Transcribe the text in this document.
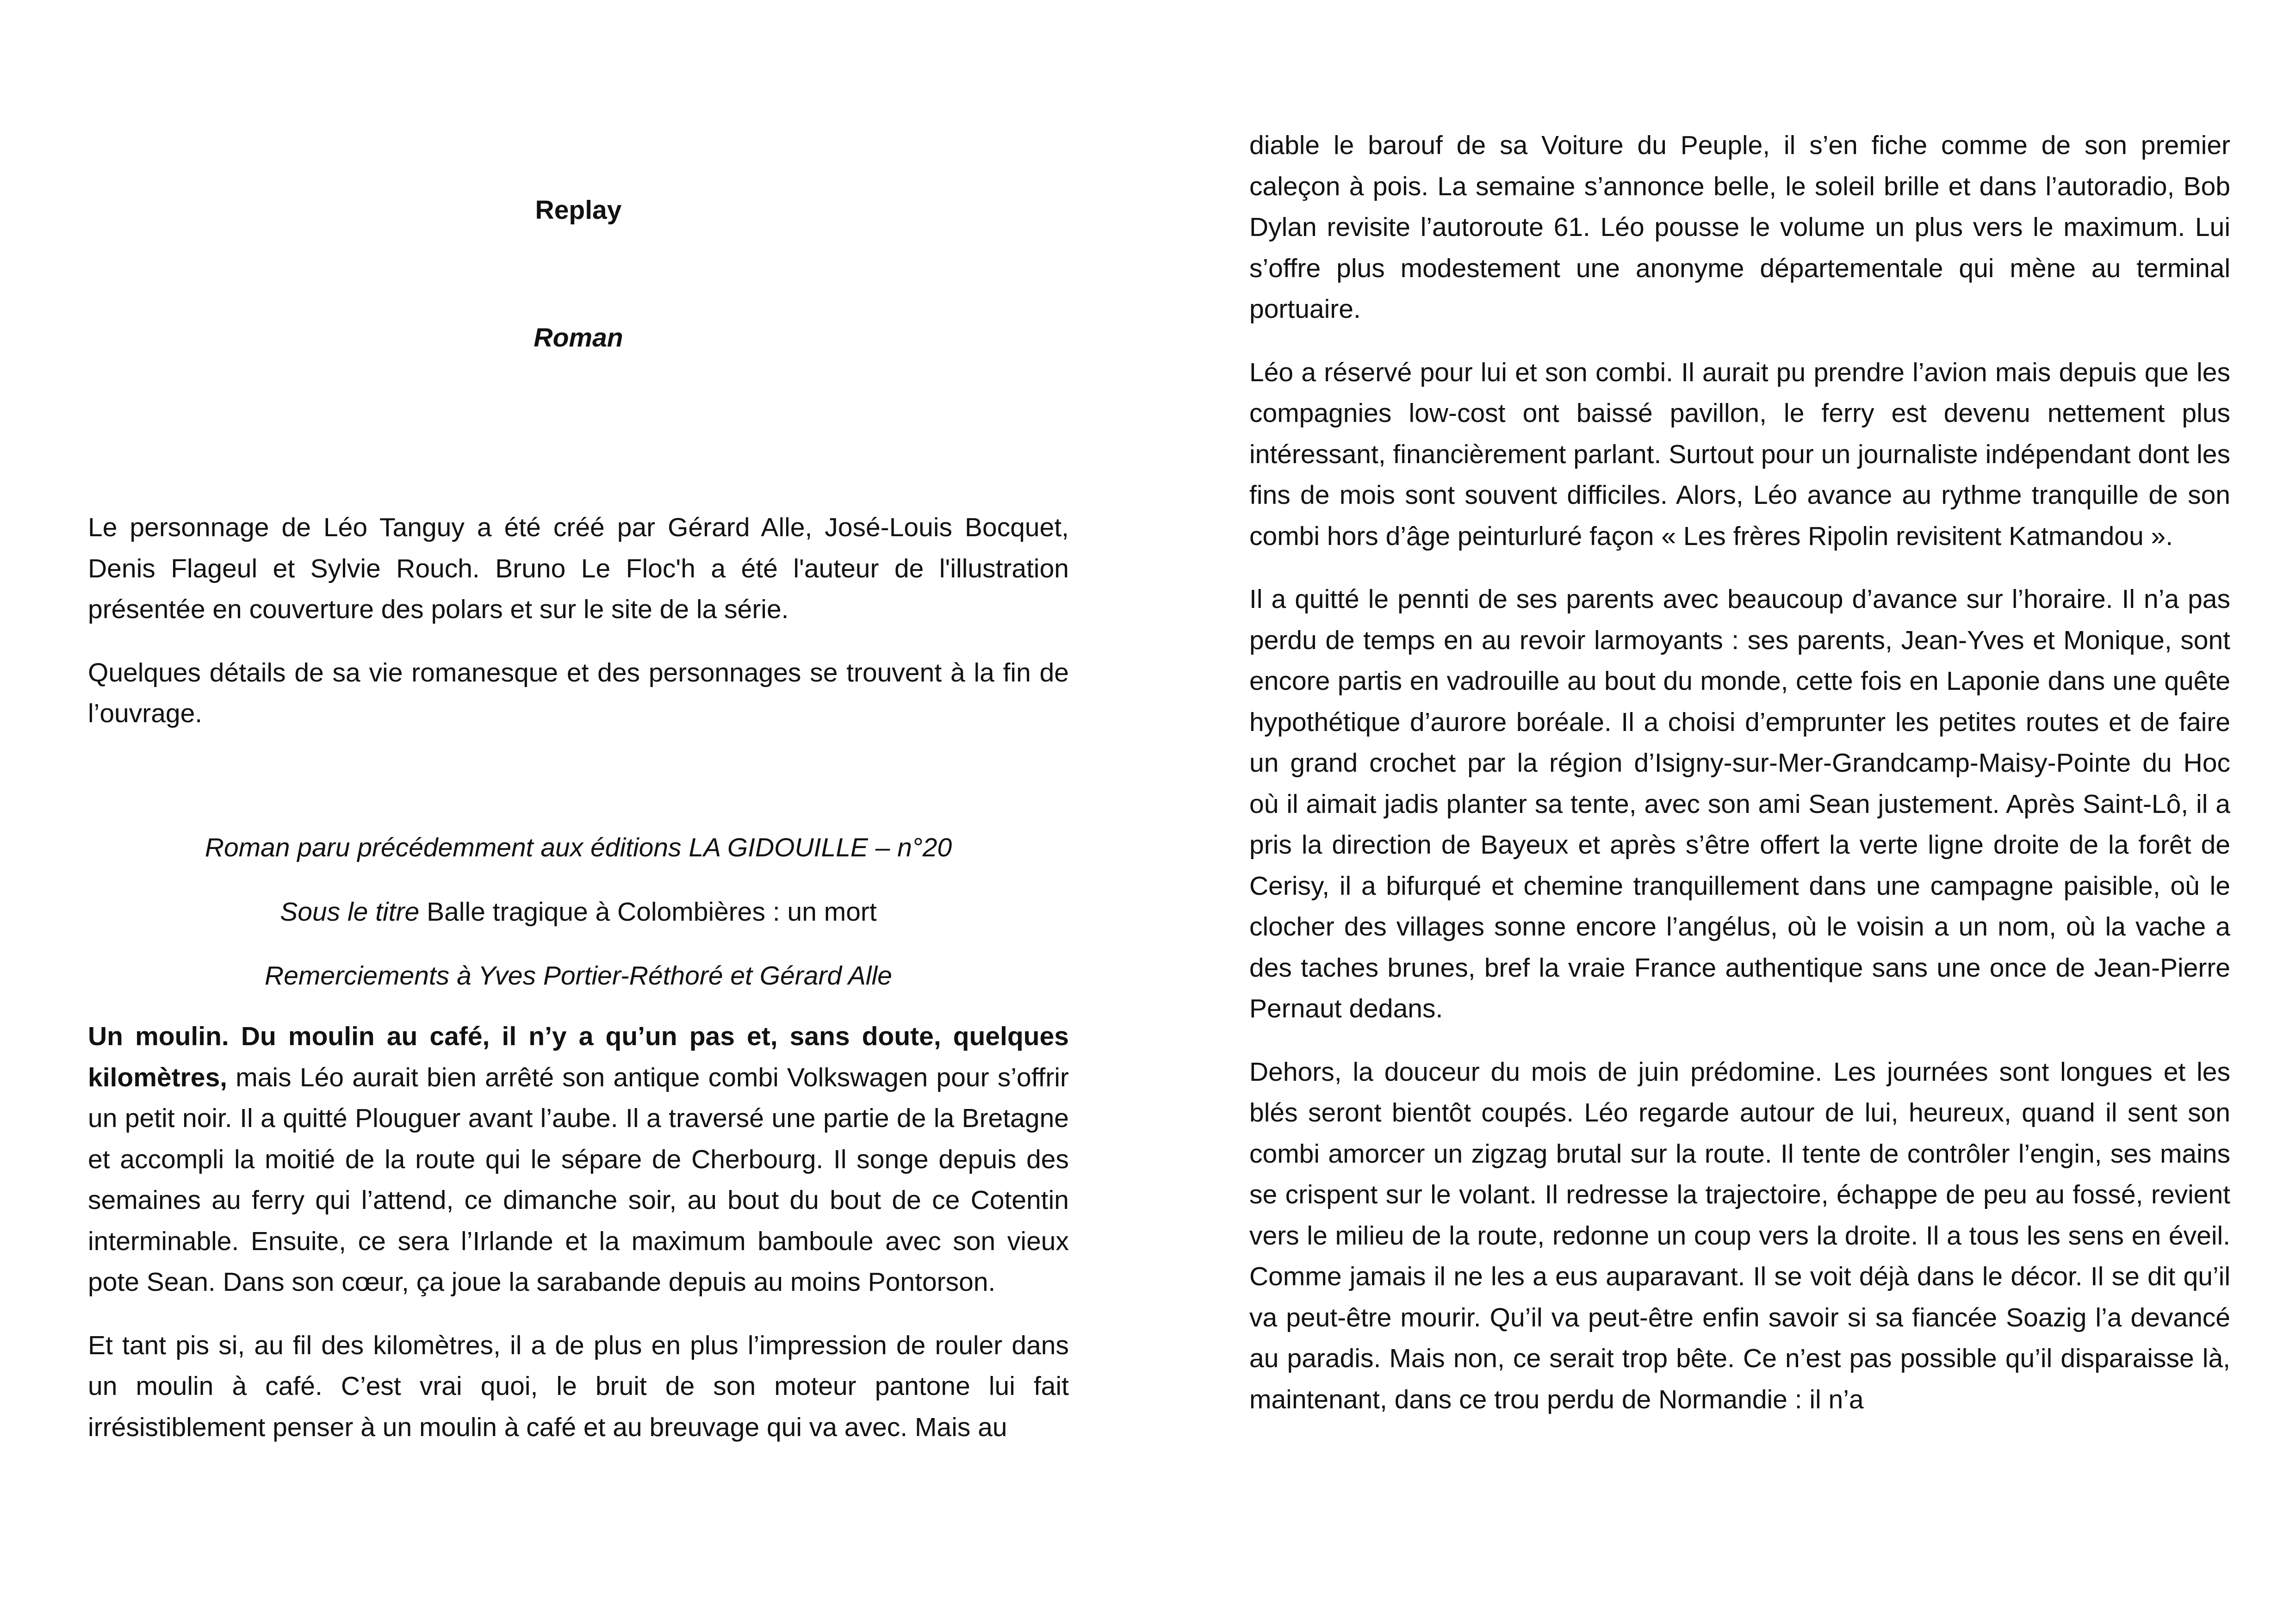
Replay
Roman

Le personnage de Léo Tanguy a été créé par Gérard Alle, José-Louis Bocquet, Denis Flageul et Sylvie Rouch. Bruno Le Floc'h a été l'auteur de l'illustration présentée en couverture des polars et sur le site de la série.

Quelques détails de sa vie romanesque et des personnages se trouvent à la fin de l’ouvrage.

Roman paru précédemment aux éditions LA GIDOUILLE – n°20

Sous le titre Balle tragique à Colombières : un mort

Remerciements à Yves Portier-Réthoré et Gérard Alle

Un moulin. Du moulin au café, il n’y a qu’un pas et, sans doute, quelques kilomètres, mais Léo aurait bien arrêté son antique combi Volkswagen pour s’offrir un petit noir. Il a quitté Plouguer avant l’aube. Il a traversé une partie de la Bretagne et accompli la moitié de la route qui le sépare de Cherbourg. Il songe depuis des semaines au ferry qui l’attend, ce dimanche soir, au bout du bout de ce Cotentin interminable. Ensuite, ce sera l’Irlande et la maximum bamboule avec son vieux pote Sean. Dans son cœur, ça joue la sarabande depuis au moins Pontorson.

Et tant pis si, au fil des kilomètres, il a de plus en plus l’impression de rouler dans un moulin à café. C’est vrai quoi, le bruit de son moteur pantone lui fait irrésistiblement penser à un moulin à café et au breuvage qui va avec. Mais au

diable le barouf de sa Voiture du Peuple, il s’en fiche comme de son premier caleçon à pois. La semaine s’annonce belle, le soleil brille et dans l’autoradio, Bob Dylan revisite l’autoroute 61. Léo pousse le volume un plus vers le maximum. Lui s’offre plus modestement une anonyme départementale qui mène au terminal portuaire.

Léo a réservé pour lui et son combi. Il aurait pu prendre l’avion mais depuis que les compagnies low-cost ont baissé pavillon, le ferry est devenu nettement plus intéressant, financièrement parlant. Surtout pour un journaliste indépendant dont les fins de mois sont souvent difficiles. Alors, Léo avance au rythme tranquille de son combi hors d’âge peinturluré façon « Les frères Ripolin revisitent Katmandou ».

Il a quitté le pennti de ses parents avec beaucoup d’avance sur l’horaire. Il n’a pas perdu de temps en au revoir larmoyants : ses parents, Jean-Yves et Monique, sont encore partis en vadrouille au bout du monde, cette fois en Laponie dans une quête hypothétique d’aurore boréale. Il a choisi d’emprunter les petites routes et de faire un grand crochet par la région d’Isigny-sur-Mer-Grandcamp-Maisy-Pointe du Hoc où il aimait jadis planter sa tente, avec son ami Sean justement. Après Saint-Lô, il a pris la direction de Bayeux et après s’être offert la verte ligne droite de la forêt de Cerisy, il a bifurqué et chemine tranquillement dans une campagne paisible, où le clocher des villages sonne encore l’angélus, où le voisin a un nom, où la vache a des taches brunes, bref la vraie France authentique sans une once de Jean-Pierre Pernaut dedans.

Dehors, la douceur du mois de juin prédomine. Les journées sont longues et les blés seront bientôt coupés. Léo regarde autour de lui, heureux, quand il sent son combi amorcer un zigzag brutal sur la route. Il tente de contrôler l’engin, ses mains se crispent sur le volant. Il redresse la trajectoire, échappe de peu au fossé, revient vers le milieu de la route, redonne un coup vers la droite. Il a tous les sens en éveil. Comme jamais il ne les a eus auparavant. Il se voit déjà dans le décor. Il se dit qu’il va peut-être mourir. Qu’il va peut-être enfin savoir si sa fiancée Soazig l’a devancé au paradis. Mais non, ce serait trop bête. Ce n’est pas possible qu’il disparaisse là, maintenant, dans ce trou perdu de Normandie : il n’a
